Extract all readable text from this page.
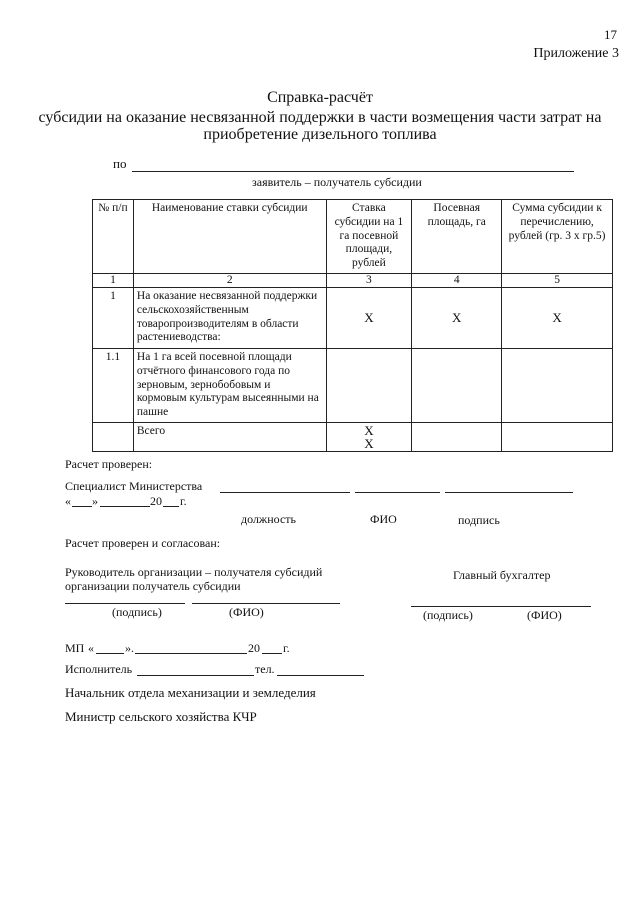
17
Приложение 3
Справка-расчёт
субсидии на оказание несвязанной поддержки в части возмещения части затрат на
приобретение дизельного топлива
по
заявитель – получатель субсидии
№ п/п	Наименование ставки субсидии	Ставка субсидии на 1 га посевной площади, рублей	Посевная площадь, га	Сумма субсидии к перечислению, рублей (гр. 3 х гр.5)
1	2	3	4	5
1	На оказание несвязанной поддержки сельскохозяйственным товаропроизводителям в области растениеводства:	Х	Х	Х
1.1	На 1 га всей посевной площади отчётного финансового года по зерновым, зернобобовым и кормовым культурам высеянными на пашне			
	Всего	Х
Х		

Расчет проверен:
Специалист Министерства
« »	20 г.
должность	ФИО	подпись
Расчет проверен и согласован:
Руководитель организации – получателя субсидий
организации получатель субсидии
Главный бухгалтер
(подпись)	(ФИО)	(подпись)	(ФИО)
МП «	».	20 г.
Исполнитель	тел.
Начальник отдела механизации и земледелия
Министр сельского хозяйства КЧР
